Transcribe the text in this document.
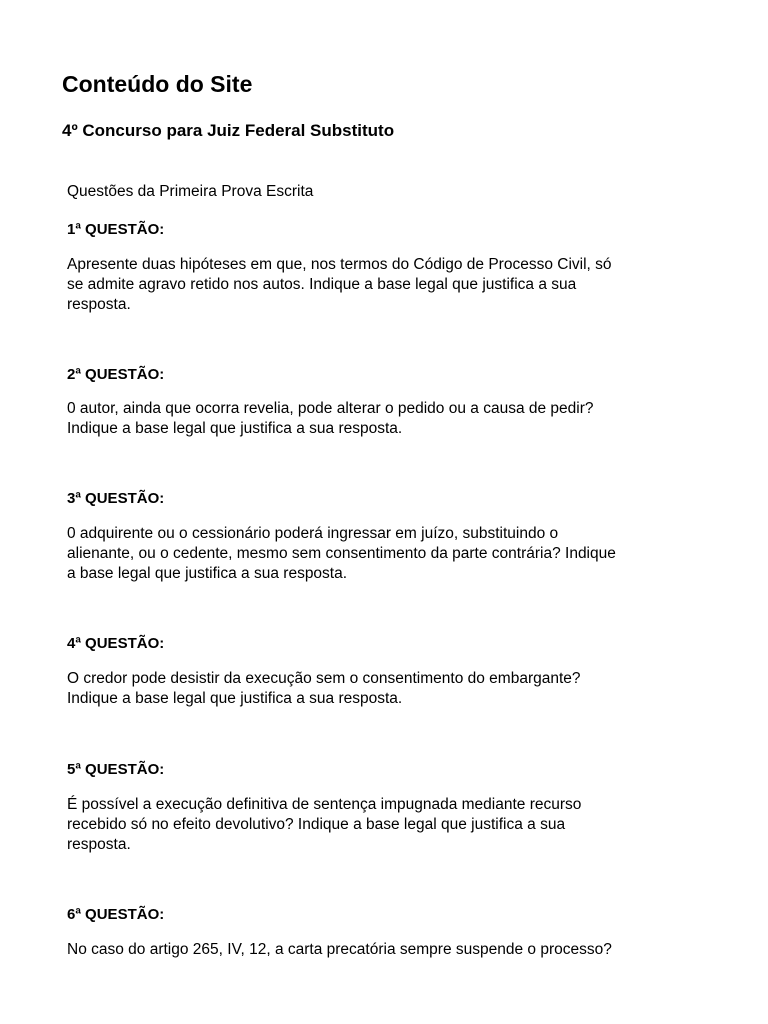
Conteúdo do Site
4º Concurso para Juiz Federal Substituto

Questões da Primeira Prova Escrita

1ª QUESTÃO:

Apresente duas hipóteses em que, nos termos do Código de Processo Civil, só
se admite agravo retido nos autos. Indique a base legal que justifica a sua
resposta.

2ª QUESTÃO:

0 autor, ainda que ocorra revelia, pode alterar o pedido ou a causa de pedir?
Indique a base legal que justifica a sua resposta.

3ª QUESTÃO:

0 adquirente ou o cessionário poderá ingressar em juízo, substituindo o
alienante, ou o cedente, mesmo sem consentimento da parte contrária? Indique
a base legal que justifica a sua resposta.

4ª QUESTÃO:

O credor pode desistir da execução sem o consentimento do embargante?
Indique a base legal que justifica a sua resposta.

5ª QUESTÃO:

É possível a execução definitiva de sentença impugnada mediante recurso
recebido só no efeito devolutivo? Indique a base legal que justifica a sua
resposta.

6ª QUESTÃO:

No caso do artigo 265, IV, 12, a carta precatória sempre suspende o processo?
